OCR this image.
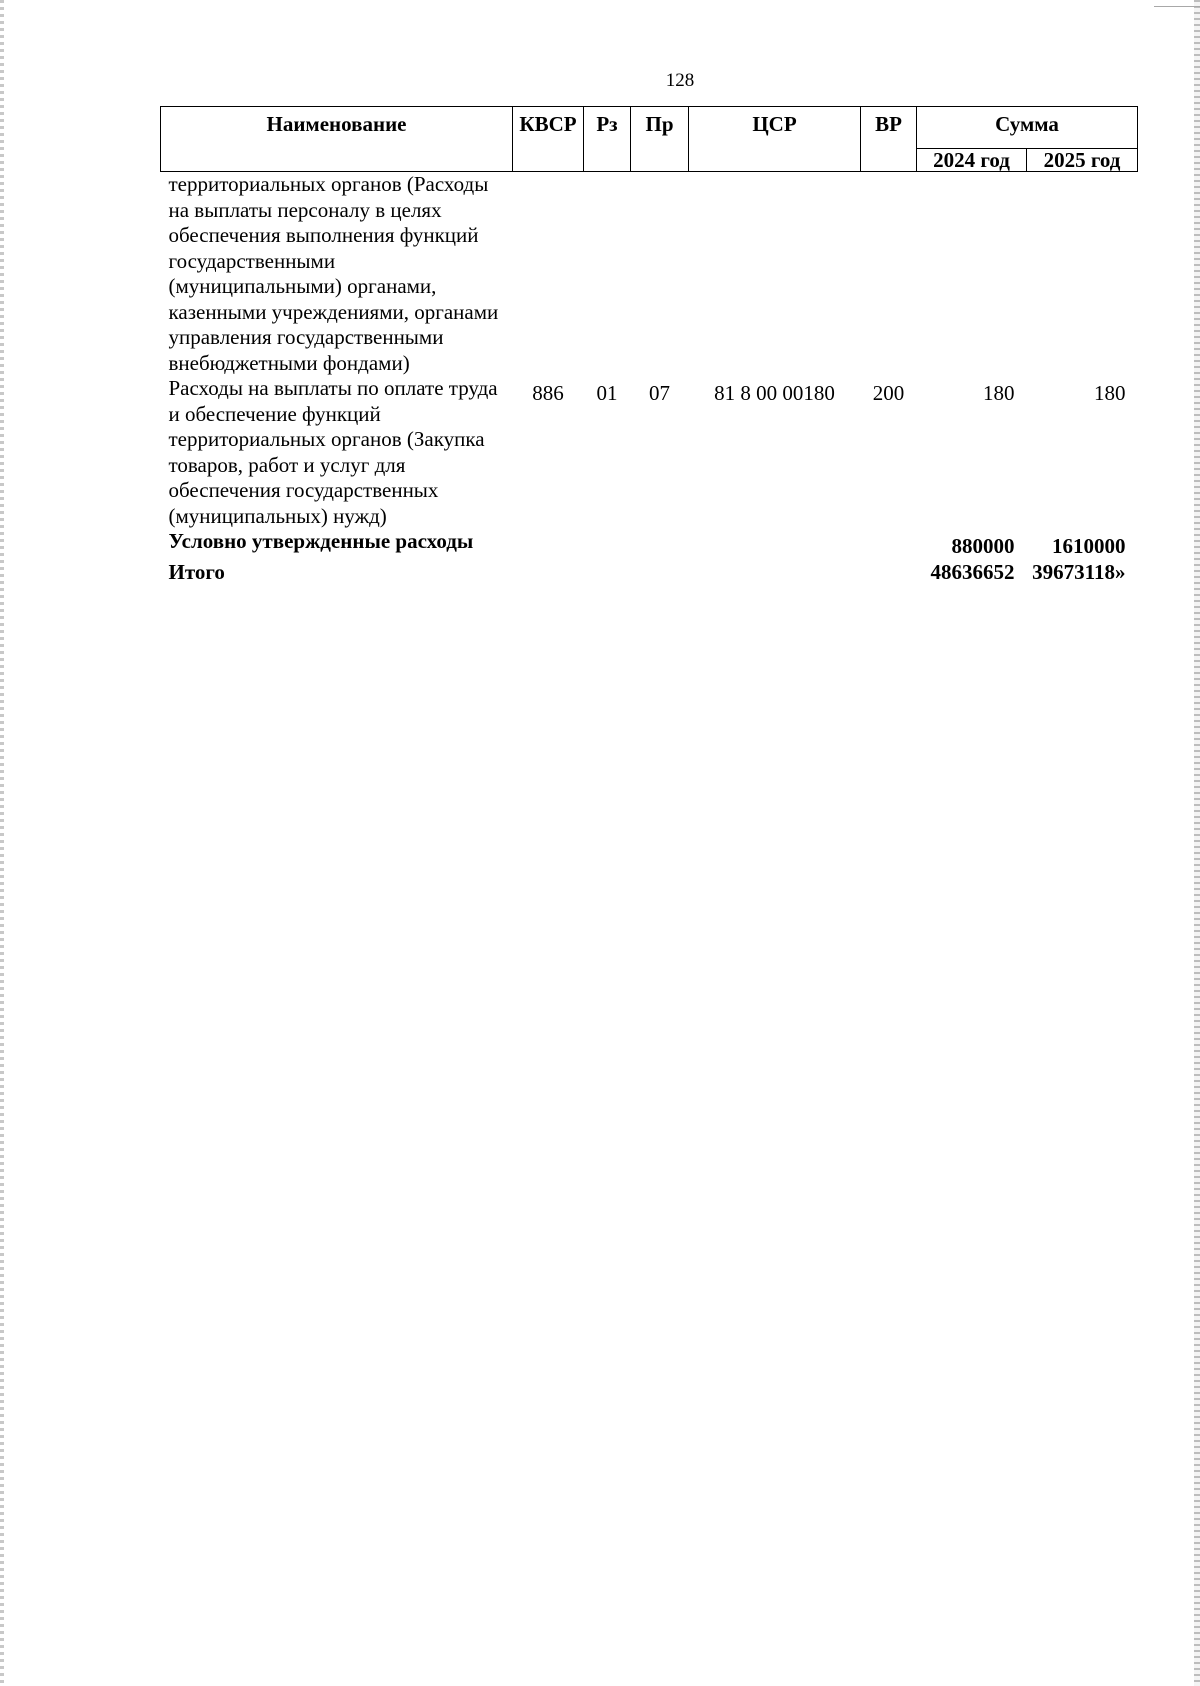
128
Наименование	КВСР	Рз	Пр	ЦСР	ВР	Сумма	
						2024 год	2025 год
территориальных органов (Расходы на выплаты персоналу в целях обеспечения выполнения функций государственными (муниципальными) органами, казенными учреждениями, органами управления государственными внебюджетными фондами)							
Расходы на выплаты по оплате труда и обеспечение функций территориальных органов (Закупка товаров, работ и услуг для обеспечения государственных (муниципальных) нужд)	886	01	07	81 8 00 00180	200	180	180
Условно утвержденные расходы						880000	1610000
Итого						48636652	39673118»
